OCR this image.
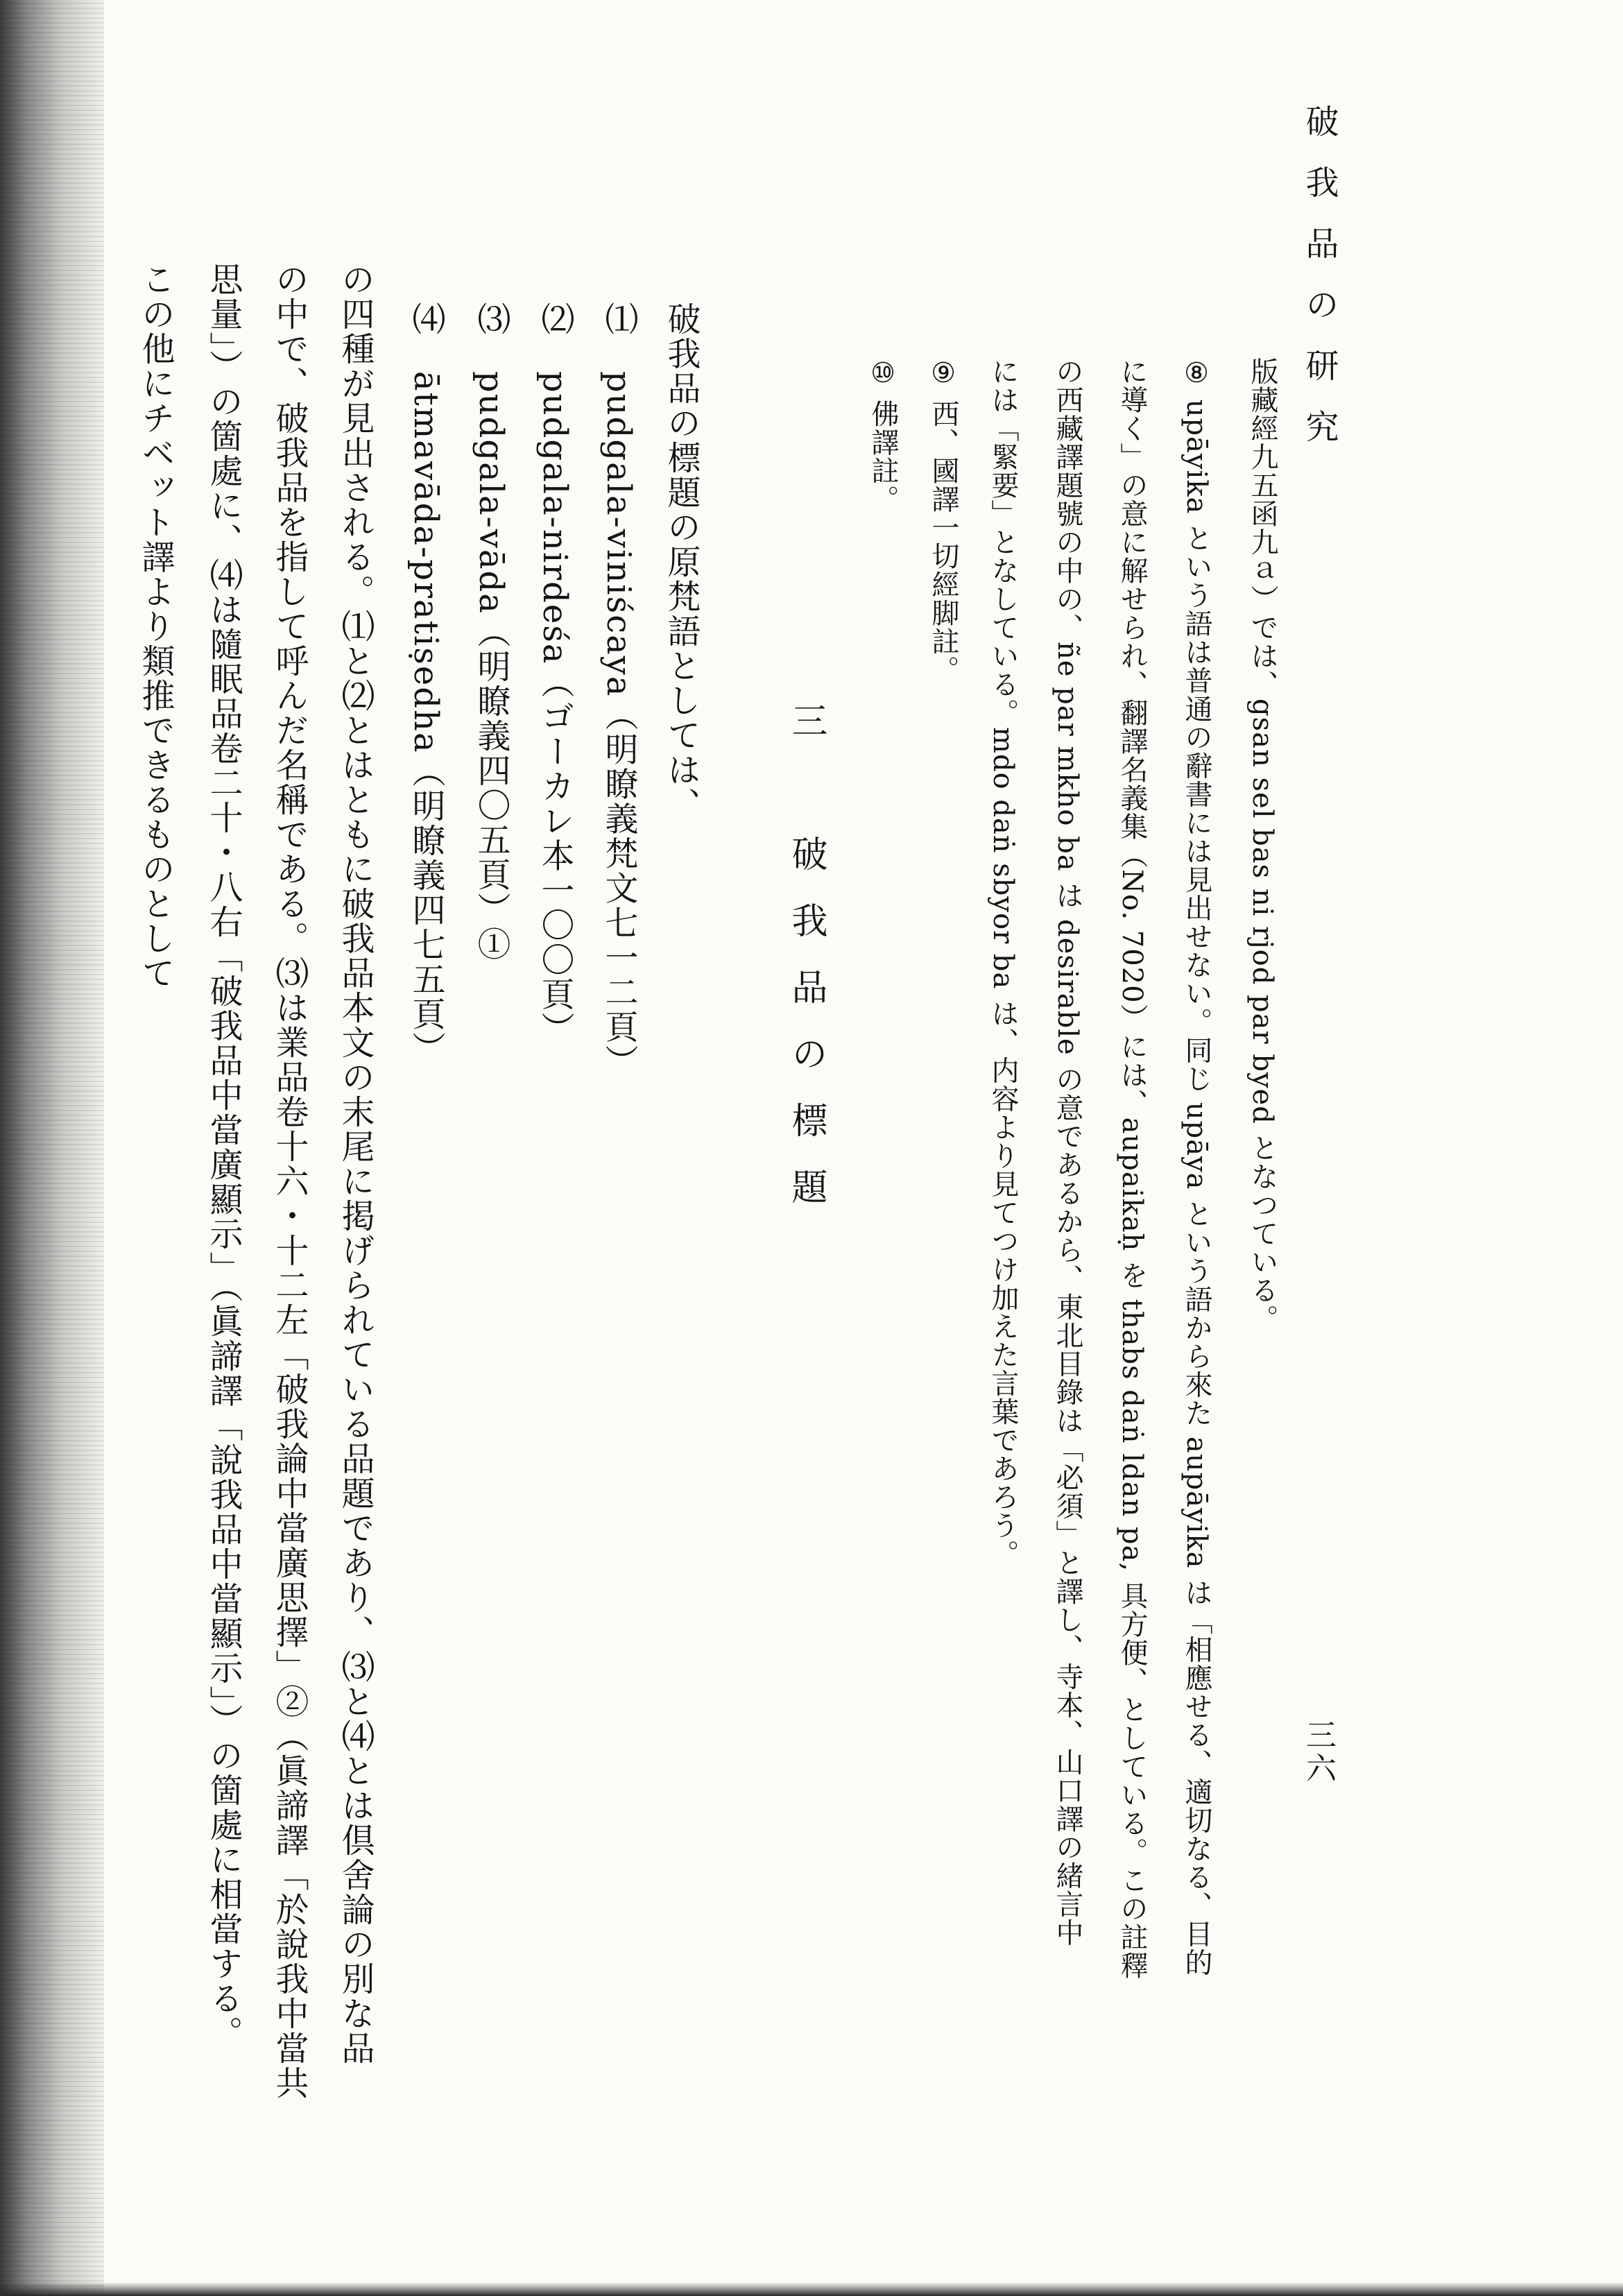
破我品の研究
三六
版藏經九五函九ａ）では、gsan sel bas ni rjod par byed となつている。
⑧ upāyika という語は普通の辭書には見出せない。同じ upāya という語から來た aupāyika は「相應せる、適切なる、目的
に導く」の意に解せられ、翻譯名義集（No. 7020）には、aupaikaḥ を thabs daṅ ldan pa, 具方便、としている。この註釋
の西藏譯題號の中の、ñe par mkho ba は desirable の意であるから、東北目錄は「必須」と譯し、寺本、山口譯の緒言中
には「緊要」となしている。mdo daṅ sbyor ba は、内容より見てつけ加えた言葉であろう。
⑨ 西、國譯一切經脚註。
⑩ 佛譯註。
三　破我品の標題
破我品の標題の原梵語としては、
⑴　pudgala-viniścaya（明瞭義梵文七一二頁）
⑵　pudgala-nirdeśa（ゴーカレ本一〇〇頁）
⑶　pudgala-vāda（明瞭義四〇五頁）①
⑷　ātmavāda-pratiṣedha（明瞭義四七五頁）
の四種が見出される。⑴と⑵とはともに破我品本文の末尾に掲げられている品題であり、⑶と⑷とは倶舍論の別な品
の中で、破我品を指して呼んだ名稱である。⑶は業品卷十六・十二左「破我論中當廣思擇」②（眞諦譯「於說我中當共
思量」）の箇處に、⑷は隨眠品卷二十・八右「破我品中當廣顯示」（眞諦譯「說我品中當顯示」）の箇處に相當する。
この他にチベット譯より類推できるものとして
